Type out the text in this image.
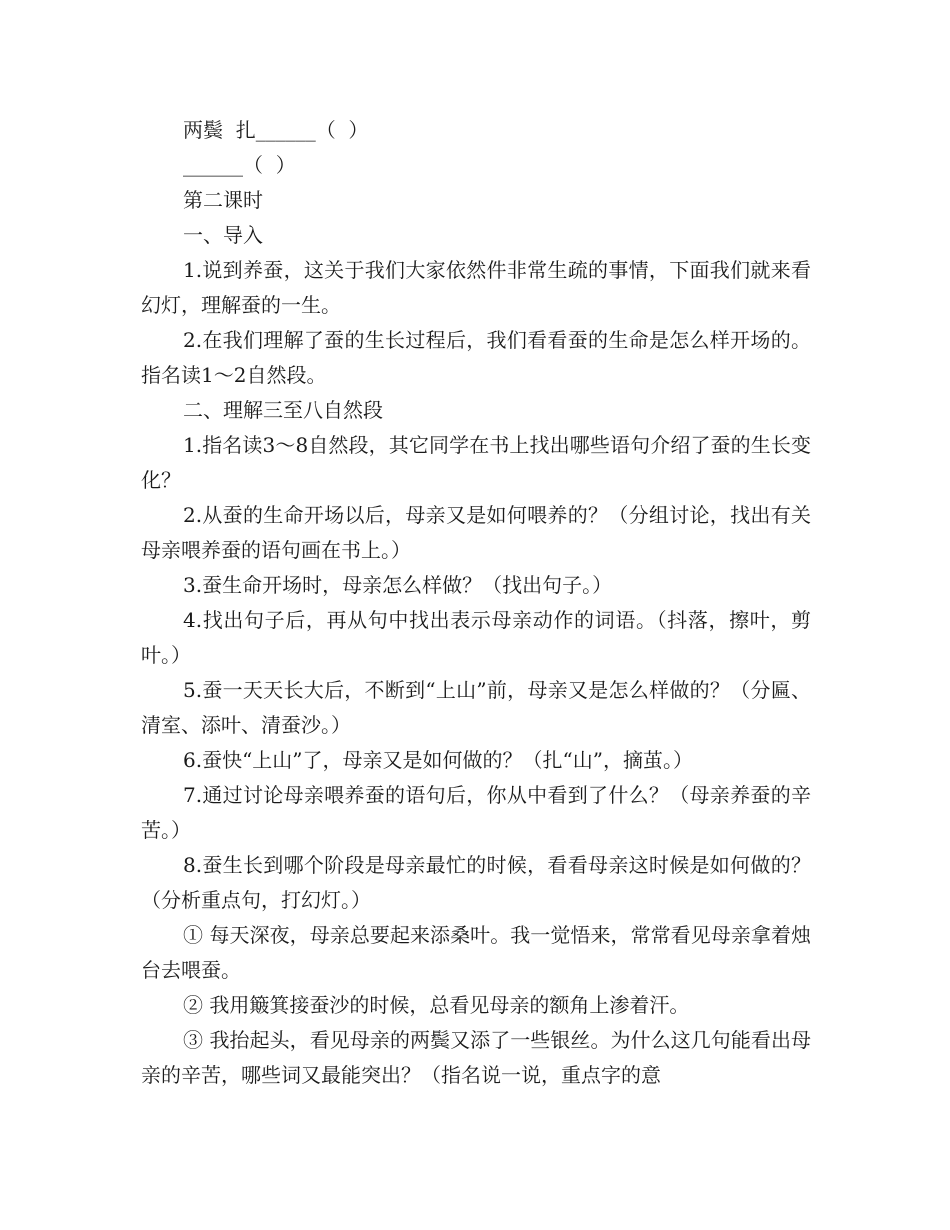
两鬓  扎______（  ）

______（  ）

第二课时

一、导入

1.说到养蚕，这关于我们大家依然件非常生疏的事情，下面我们就来看幻灯，理解蚕的一生。

2.在我们理解了蚕的生长过程后，我们看看蚕的生命是怎么样开场的。指名读1～2自然段。

二、理解三至八自然段

1.指名读3～8自然段，其它同学在书上找出哪些语句介绍了蚕的生长变化？

2.从蚕的生命开场以后，母亲又是如何喂养的？（分组讨论，找出有关母亲喂养蚕的语句画在书上。）

3.蚕生命开场时，母亲怎么样做？（找出句子。）

4.找出句子后，再从句中找出表示母亲动作的词语。（抖落，擦叶，剪叶。）

5.蚕一天天长大后，不断到“上山”前，母亲又是怎么样做的？（分匾、清室、添叶、清蚕沙。）

6.蚕快“上山”了，母亲又是如何做的？（扎“山”，摘茧。）

7.通过讨论母亲喂养蚕的语句后，你从中看到了什么？（母亲养蚕的辛苦。）

8.蚕生长到哪个阶段是母亲最忙的时候，看看母亲这时候是如何做的？（分析重点句，打幻灯。）

① 每天深夜，母亲总要起来添桑叶。我一觉悟来，常常看见母亲拿着烛台去喂蚕。

② 我用簸箕接蚕沙的时候，总看见母亲的额角上渗着汗。

③ 我抬起头，看见母亲的两鬓又添了一些银丝。为什么这几句能看出母亲的辛苦，哪些词又最能突出？（指名说一说，重点字的意
